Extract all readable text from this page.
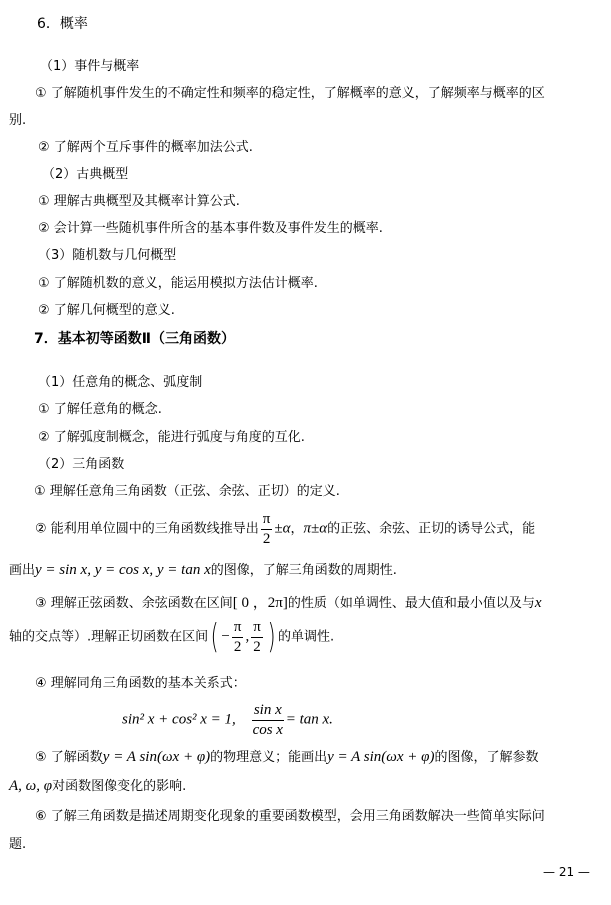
6．概率
（1）事件与概率
① 了解随机事件发生的不确定性和频率的稳定性，了解概率的意义，了解频率与概率的区
别.
② 了解两个互斥事件的概率加法公式.
（2）古典概型
① 理解古典概型及其概率计算公式.
② 会计算一些随机事件所含的基本事件数及事件发生的概率.
（3）随机数与几何概型
① 了解随机数的意义，能运用模拟方法估计概率.
② 了解几何概型的意义.
7．基本初等函数Ⅱ（三角函数）
（1）任意角的概念、弧度制
① 了解任意角的概念.
② 了解弧度制概念，能进行弧度与角度的互化.
（2）三角函数
① 理解任意角三角函数（正弦、余弦、正切）的定义.
② 能利用单位圆中的三角函数线推导出 $\frac{\pi}{2} \pm\alpha$，π±α的正弦、余弦、正切的诱导公式，能
画出y = sin x, y = cos x, y = tan x的图像，了解三角函数的周期性.
③ 理解正弦函数、余弦函数在区间[ 0 ，2π]的性质（如单调性、最大值和最小值以及与x
轴的交点等）.理解正切函数在区间( − $\frac{\pi}{2}$ , $\frac{\pi}{2}$ ) 的单调性.
④ 理解同角三角函数的基本关系式：
sin² x + cos² x = 1, $\frac{\text{sin x}}{\text{cos x}} = \tan x$.
⑤ 了解函数y = A sin(ωx + φ)的物理意义；能画出y = A sin(ωx + φ)的图像，了解参数
A, ω, φ对函数图像变化的影响.
⑥ 了解三角函数是描述周期变化现象的重要函数模型，会用三角函数解决一些简单实际问
题.
— 21 —
